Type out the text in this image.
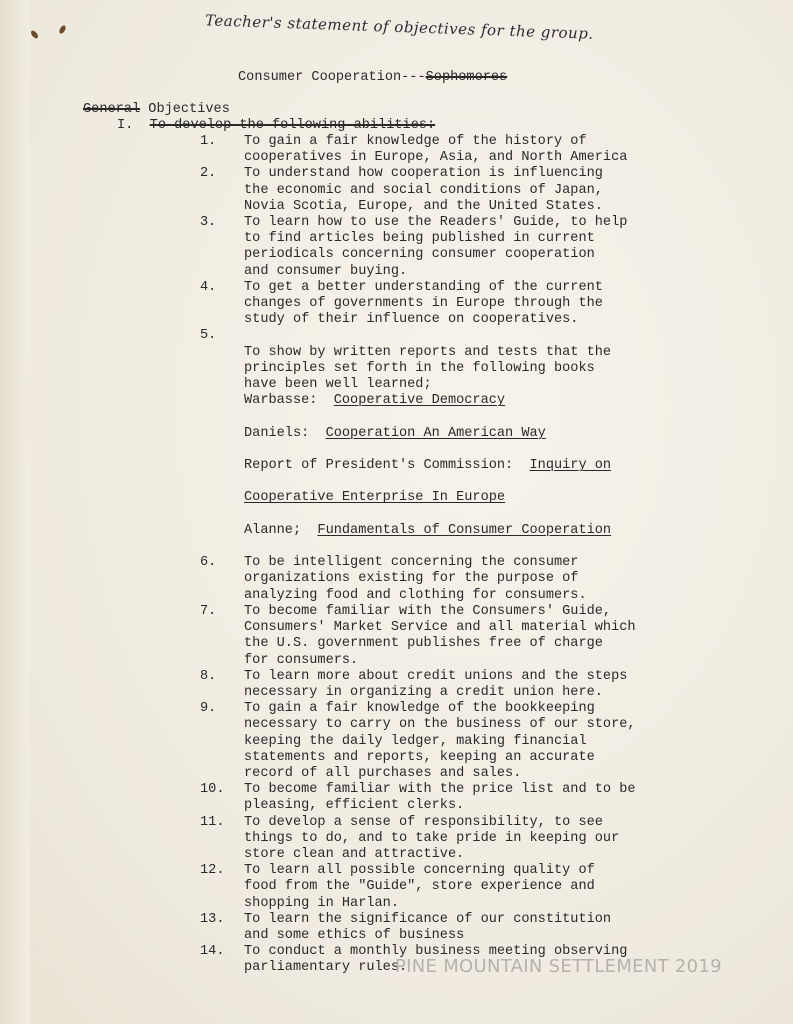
Teacher's statement of objectives for the group.
Consumer Cooperation---Sophomores
General Objectives
I. To develop the following abilities:
1.	To gain a fair knowledge of the history of
cooperatives in Europe, Asia, and North America
2.	To understand how cooperation is influencing
the economic and social conditions of Japan,
Novia Scotia, Europe, and the United States.
3.	To learn how to use the Readers' Guide, to help
to find articles being published in current
periodicals concerning consumer cooperation
and consumer buying.
4.	To get a better understanding of the current
changes of governments in Europe through the
study of their influence on cooperatives.
5.

To show by written reports and tests that the
principles set forth in the following books
have been well learned;

Warbasse:  Cooperative Democracy

Daniels:  Cooperation An American Way

Report of President's Commission:  Inquiry on

Cooperative Enterprise In Europe

Alanne;  Fundamentals of Consumer Cooperation

6.	To be intelligent concerning the consumer
organizations existing for the purpose of
analyzing food and clothing for consumers.
7.	To become familiar with the Consumers' Guide,
Consumers' Market Service and all material which
the U.S. government publishes free of charge
for consumers.
8.	To learn more about credit unions and the steps
necessary in organizing a credit union here.
9.	To gain a fair knowledge of the bookkeeping
necessary to carry on the business of our store,
keeping the daily ledger, making financial
statements and reports, keeping an accurate
record of all purchases and sales.
10.	To become familiar with the price list and to be
pleasing, efficient clerks.
11.	To develop a sense of responsibility, to see
things to do, and to take pride in keeping our
store clean and attractive.
12.	To learn all possible concerning quality of
food from the "Guide", store experience and
shopping in Harlan.
13.	To learn the significance of our constitution
and some ethics of business
14.	To conduct a monthly business meeting observing
parliamentary rules.
PINE MOUNTAIN SETTLEMENT 2019
